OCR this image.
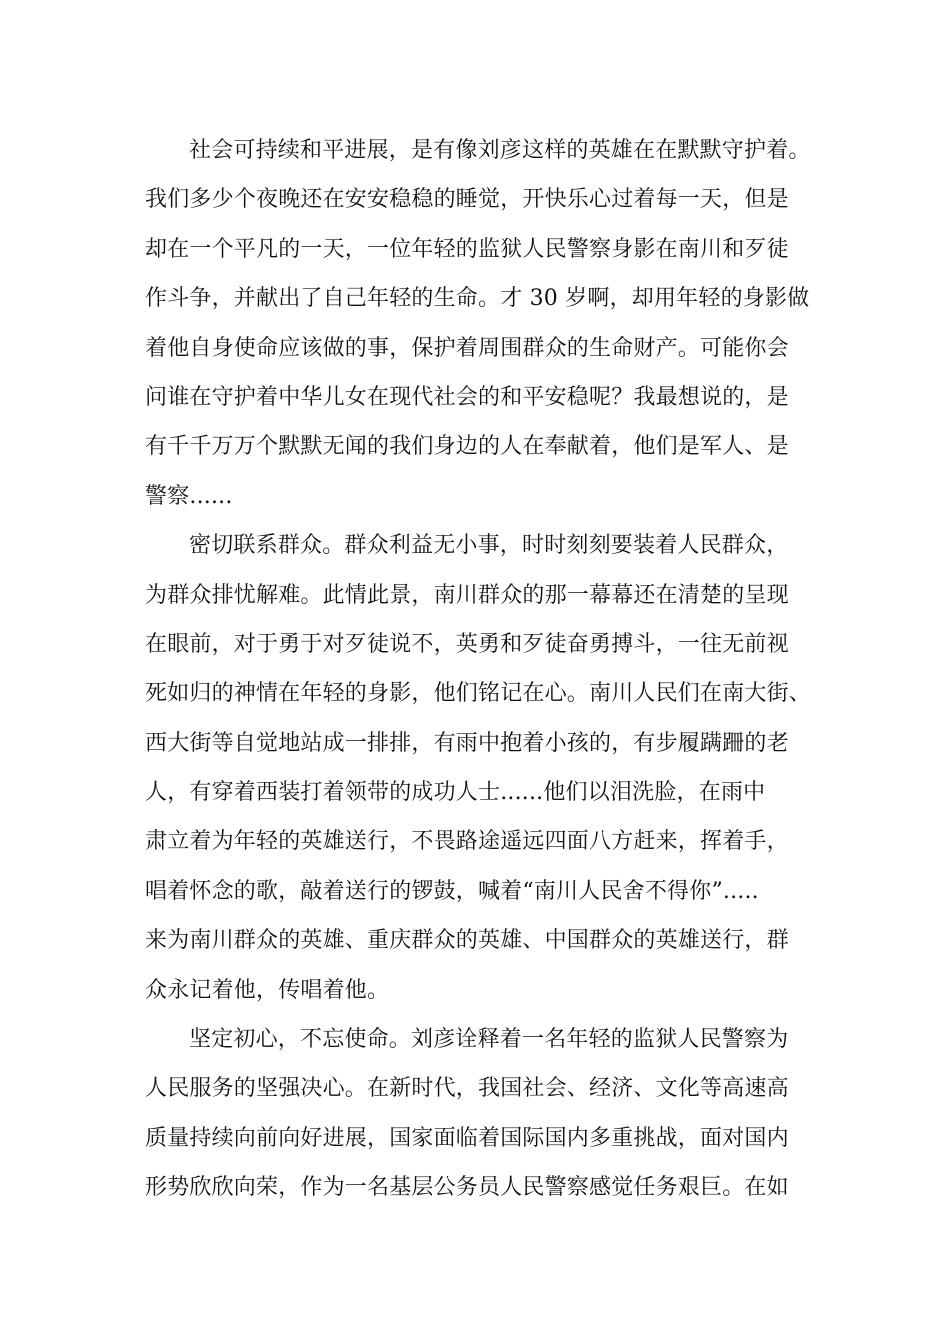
社会可持续和平进展，是有像刘彦这样的英雄在在默默守护着。
我们多少个夜晚还在安安稳稳的睡觉，开快乐心过着每一天，但是
却在一个平凡的一天，一位年轻的监狱人民警察身影在南川和歹徒
作斗争，并献出了自己年轻的生命。才 30 岁啊，却用年轻的身影做
着他自身使命应该做的事，保护着周围群众的生命财产。可能你会
问谁在守护着中华儿女在现代社会的和平安稳呢？我最想说的，是
有千千万万个默默无闻的我们身边的人在奉献着，他们是军人、是
警察......
密切联系群众。群众利益无小事，时时刻刻要装着人民群众，
为群众排忧解难。此情此景，南川群众的那一幕幕还在清楚的呈现
在眼前，对于勇于对歹徒说不，英勇和歹徒奋勇搏斗，一往无前视
死如归的神情在年轻的身影，他们铭记在心。南川人民们在南大街、
西大街等自觉地站成一排排，有雨中抱着小孩的，有步履蹒跚的老
人，有穿着西装打着领带的成功人士......他们以泪洗脸，在雨中
肃立着为年轻的英雄送行，不畏路途遥远四面八方赶来，挥着手，
唱着怀念的歌，敲着送行的锣鼓，喊着“南川人民舍不得你”.....
来为南川群众的英雄、重庆群众的英雄、中国群众的英雄送行，群
众永记着他，传唱着他。
坚定初心，不忘使命。刘彦诠释着一名年轻的监狱人民警察为
人民服务的坚强决心。在新时代，我国社会、经济、文化等高速高
质量持续向前向好进展，国家面临着国际国内多重挑战，面对国内
形势欣欣向荣，作为一名基层公务员人民警察感觉任务艰巨。在如
